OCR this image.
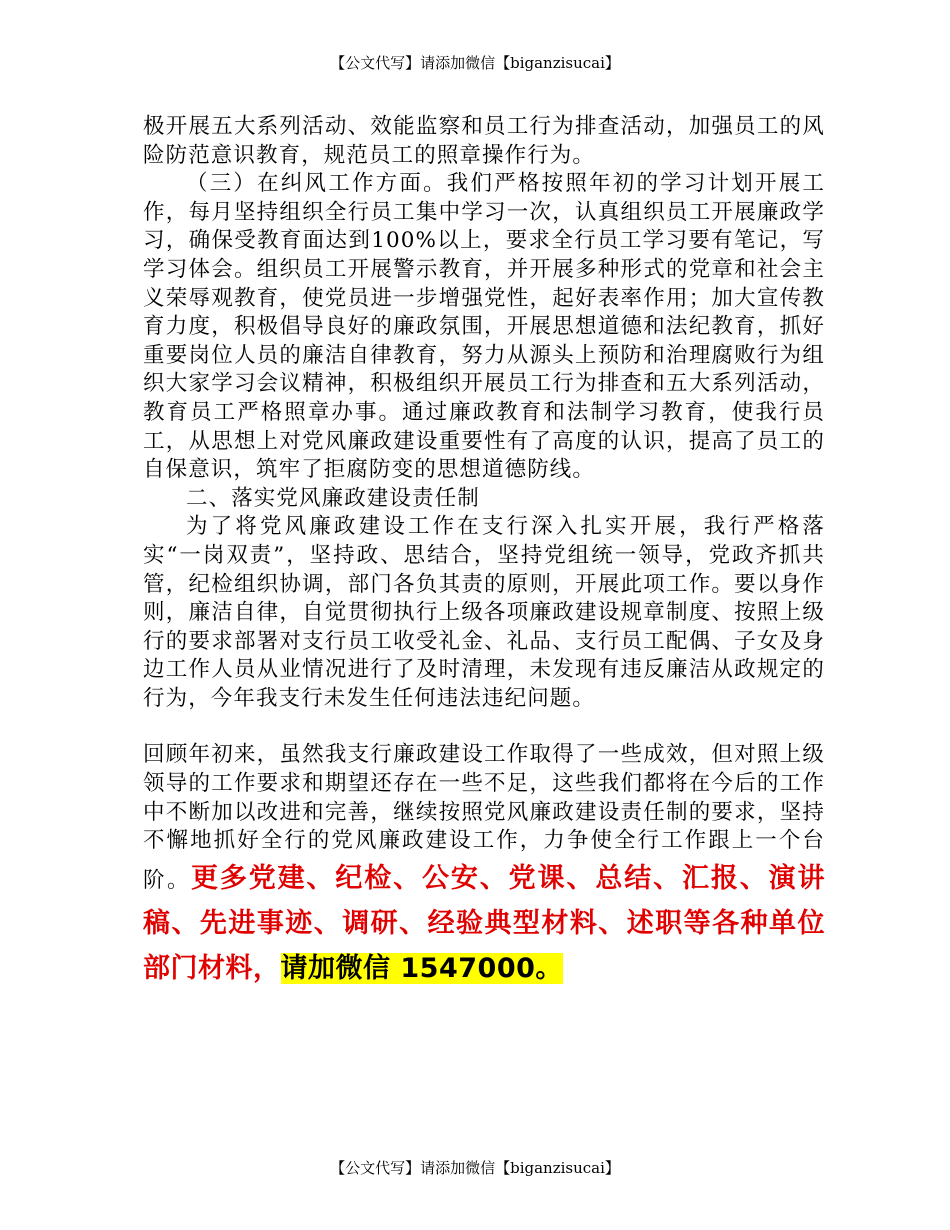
【公文代写】请添加微信【biganzisucai】

极开展五大系列活动、效能监察和员工行为排查活动，加强员工的风险防范意识教育，规范员工的照章操作行为。

（三）在纠风工作方面。我们严格按照年初的学习计划开展工作，每月坚持组织全行员工集中学习一次，认真组织员工开展廉政学习，确保受教育面达到100%以上，要求全行员工学习要有笔记，写学习体会。组织员工开展警示教育，并开展多种形式的党章和社会主义荣辱观教育，使党员进一步增强党性，起好表率作用；加大宣传教育力度，积极倡导良好的廉政氛围，开展思想道德和法纪教育，抓好重要岗位人员的廉洁自律教育，努力从源头上预防和治理腐败行为组织大家学习会议精神，积极组织开展员工行为排查和五大系列活动，教育员工严格照章办事。通过廉政教育和法制学习教育，使我行员工，从思想上对党风廉政建设重要性有了高度的认识，提高了员工的自保意识，筑牢了拒腐防变的思想道德防线。

二、落实党风廉政建设责任制

为了将党风廉政建设工作在支行深入扎实开展，我行严格落实“一岗双责”，坚持政、思结合，坚持党组统一领导，党政齐抓共管，纪检组织协调，部门各负其责的原则，开展此项工作。要以身作则，廉洁自律，自觉贯彻执行上级各项廉政建设规章制度、按照上级行的要求部署对支行员工收受礼金、礼品、支行员工配偶、子女及身边工作人员从业情况进行了及时清理，未发现有违反廉洁从政规定的行为，今年我支行未发生任何违法违纪问题。

回顾年初来，虽然我支行廉政建设工作取得了一些成效，但对照上级领导的工作要求和期望还存在一些不足，这些我们都将在今后的工作中不断加以改进和完善，继续按照党风廉政建设责任制的要求，坚持不懈地抓好全行的党风廉政建设工作，力争使全行工作跟上一个台阶。更多党建、纪检、公安、党课、总结、汇报、演讲稿、先进事迹、调研、经验典型材料、述职等各种单位部门材料，请加微信 1547000。

【公文代写】请添加微信【biganzisucai】
